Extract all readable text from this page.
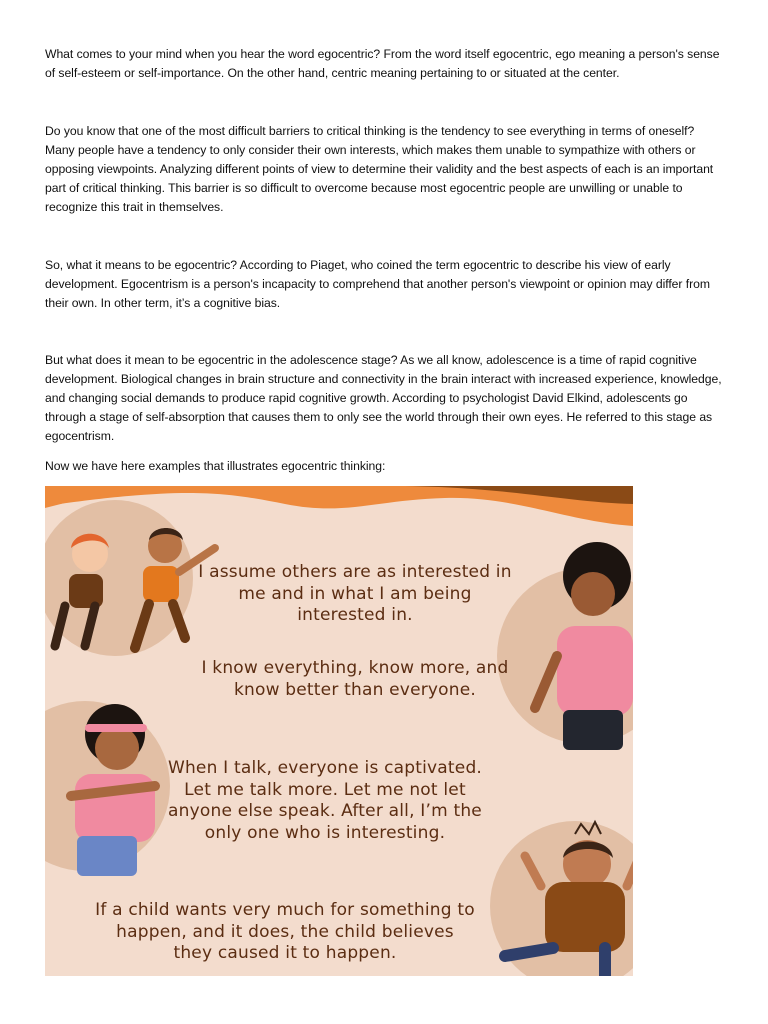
What comes to your mind when you hear the word egocentric? From the word itself egocentric, ego meaning a person's sense of self-esteem or self-importance. On the other hand, centric meaning pertaining to or situated at the center.

Do you know that one of the most difficult barriers to critical thinking is the tendency to see everything in terms of oneself? Many people have a tendency to only consider their own interests, which makes them unable to sympathize with others or opposing viewpoints. Analyzing different points of view to determine their validity and the best aspects of each is an important part of critical thinking. This barrier is so difficult to overcome because most egocentric people are unwilling or unable to recognize this trait in themselves.

So, what it means to be egocentric? According to Piaget, who coined the term egocentric to describe his view of early development. Egocentrism is a person's incapacity to comprehend that another person's viewpoint or opinion may differ from their own. In other term, it’s a cognitive bias.

But what does it mean to be egocentric in the adolescence stage? As we all know, adolescence is a time of rapid cognitive development. Biological changes in brain structure and connectivity in the brain interact with increased experience, knowledge, and changing social demands to produce rapid cognitive growth. According to psychologist David Elkind, adolescents go through a stage of self-absorption that causes them to only see the world through their own eyes. He referred to this stage as egocentrism.

Now we have here examples that illustrates egocentric thinking:

I assume others are as interested in me and in what I am being interested in.
I know everything, know more, and know better than everyone.
When I talk, everyone is captivated. Let me talk more. Let me not let anyone else speak. After all, I’m the only one who is interesting.
If a child wants very much for something to happen, and it does, the child believes they caused it to happen.
